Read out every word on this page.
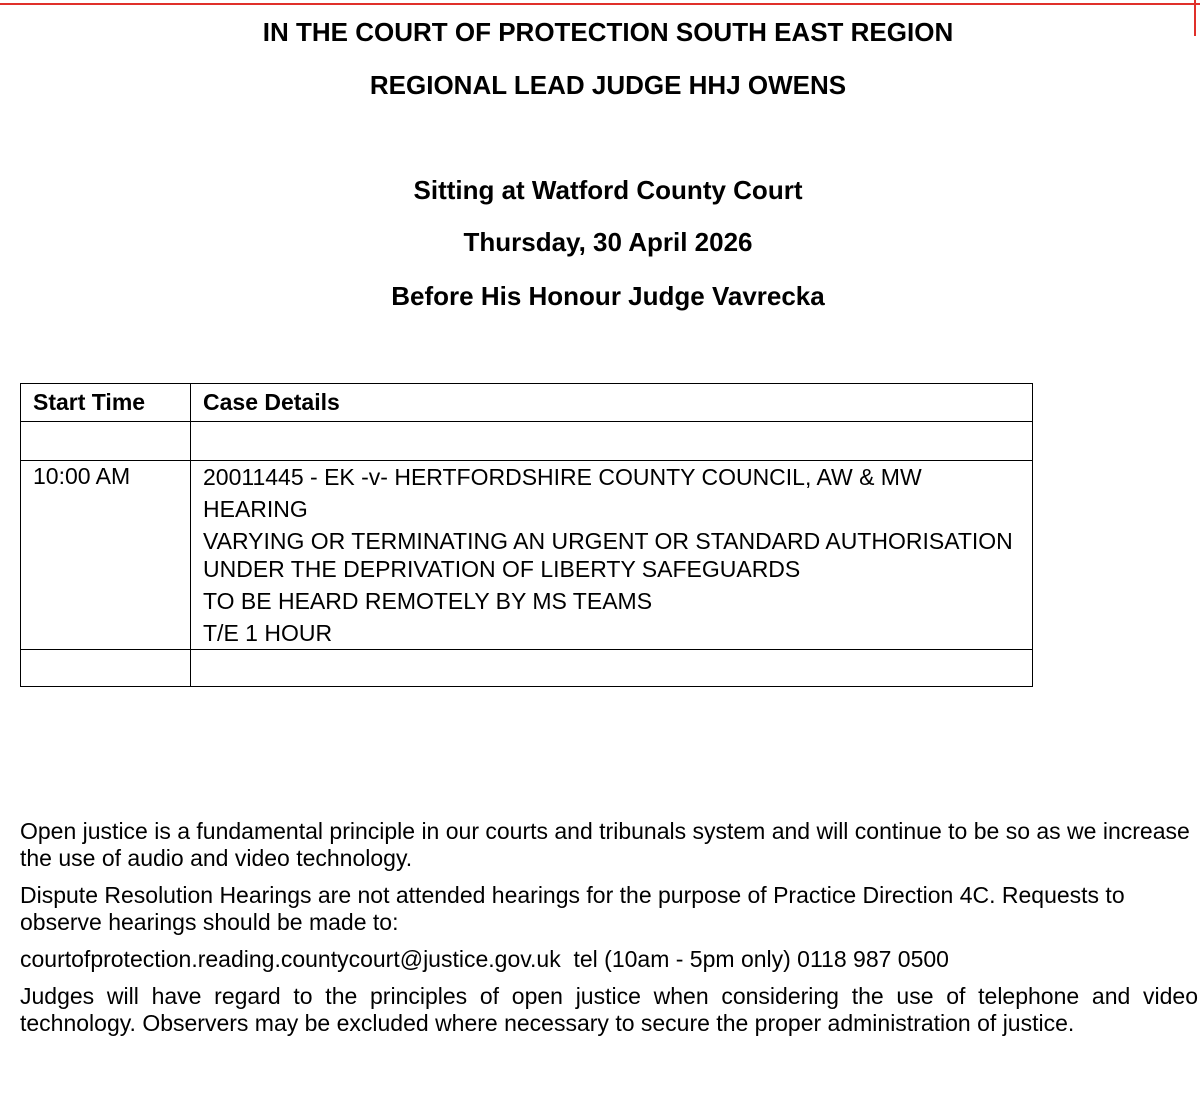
IN THE COURT OF PROTECTION SOUTH EAST REGION
REGIONAL LEAD JUDGE HHJ OWENS
Sitting at Watford County Court
Thursday, 30 April 2026
Before His Honour Judge Vavrecka
Start Time	Case Details

10:00 AM	20011445 - EK -v- HERTFORDSHIRE COUNTY COUNCIL, AW & MW
HEARING
VARYING OR TERMINATING AN URGENT OR STANDARD AUTHORISATION UNDER THE DEPRIVATION OF LIBERTY SAFEGUARDS
TO BE HEARD REMOTELY BY MS TEAMS
T/E 1 HOUR

Open justice is a fundamental principle in our courts and tribunals system and will continue to be so as we increase the use of audio and video technology.

Dispute Resolution Hearings are not attended hearings for the purpose of Practice Direction 4C. Requests to observe hearings should be made to:

courtofprotection.reading.countycourt@justice.gov.uk  tel (10am - 5pm only) 0118 987 0500

Judges will have regard to the principles of open justice when considering the use of telephone and video technology. Observers may be excluded where necessary to secure the proper administration of justice.
